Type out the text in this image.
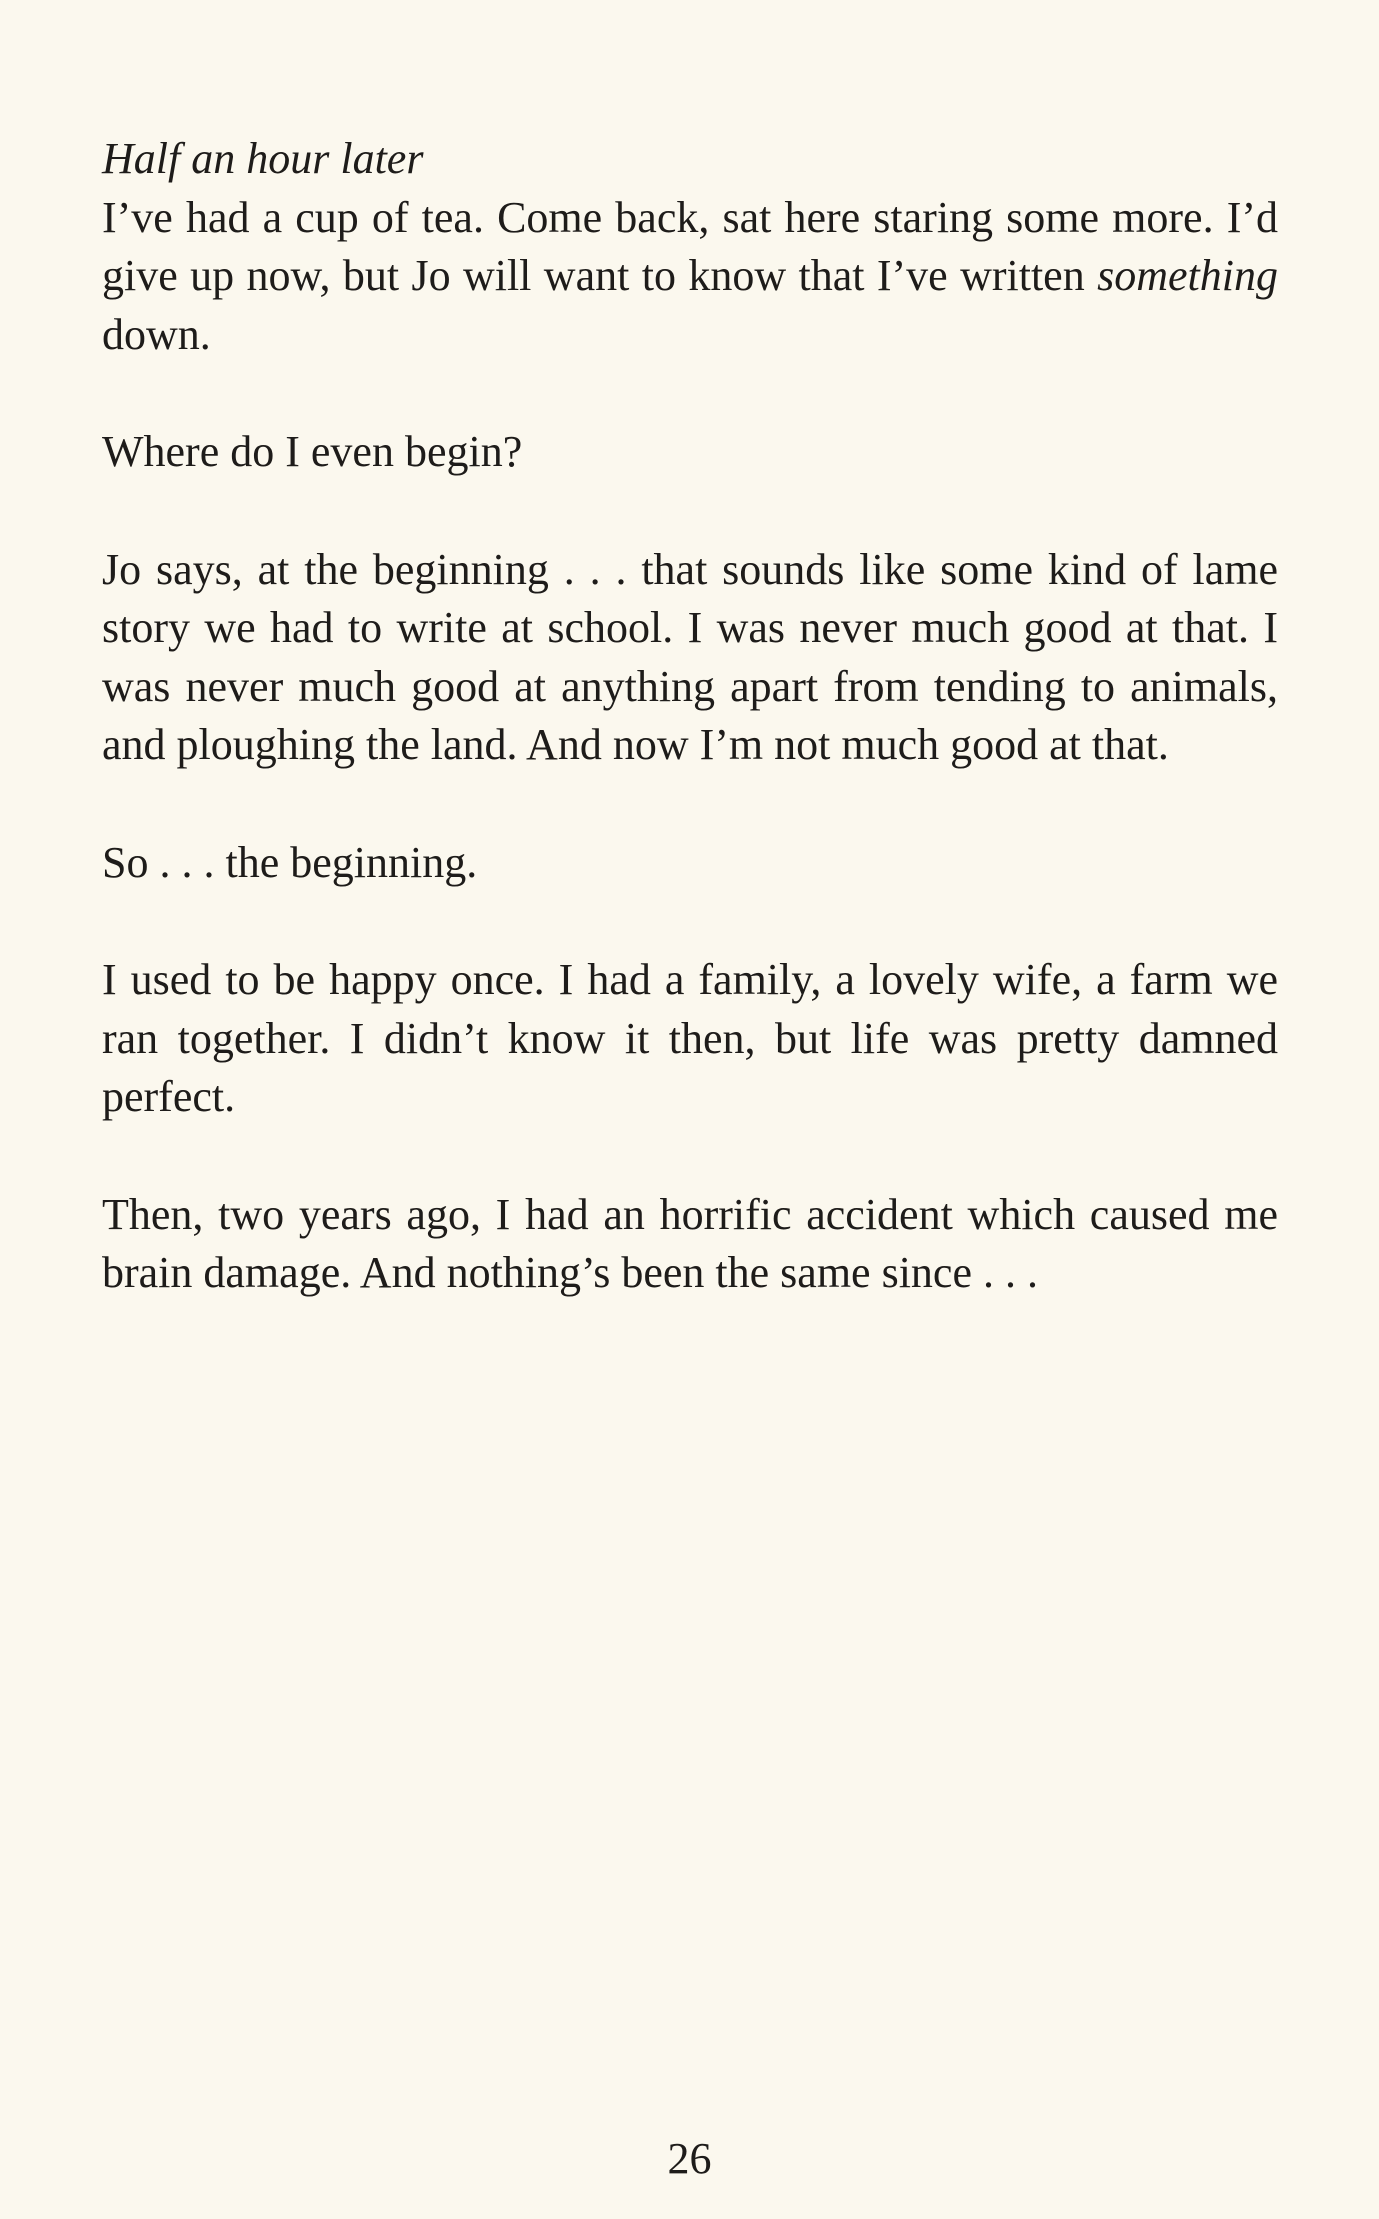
Half an hour later

I’ve had a cup of tea. Come back, sat here staring some more. I’d give up now, but Jo will want to know that I’ve written something down.

Where do I even begin?

Jo says, at the beginning . . . that sounds like some kind of lame story we had to write at school. I was never much good at that. I was never much good at anything apart from tending to animals, and ploughing the land. And now I’m not much good at that.

So . . . the beginning.

I used to be happy once. I had a family, a lovely wife, a farm we ran together. I didn’t know it then, but life was pretty damned perfect.

Then, two years ago, I had an horrific accident which caused me brain damage. And nothing’s been the same since . . .

26
